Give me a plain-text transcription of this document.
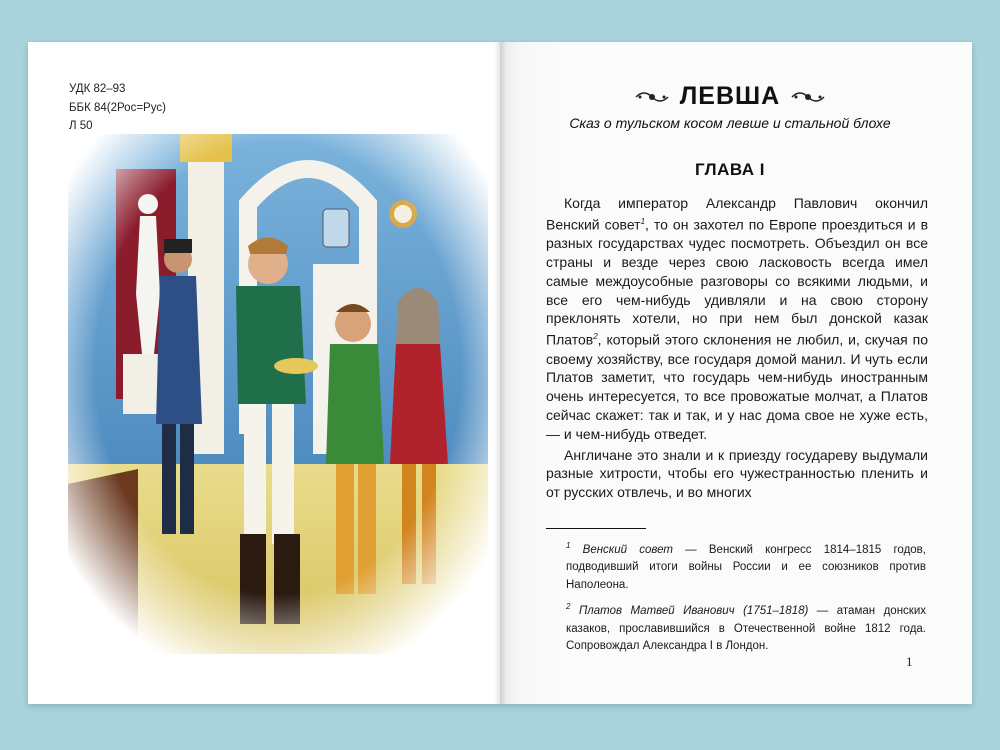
УДК 82–93
ББК 84(2Рос=Рус)
Л 50
ЛЕВША
Сказ о тульском косом левше и стальной блохе
ГЛАВА I

Когда император Александр Павлович окончил Венский совет$^1$, то он захотел по Европе проездиться и в разных государствах чудес посмотреть. Объездил он все страны и везде через свою ласковость всегда имел самые междоусобные разговоры со всякими людьми, и все его чем-нибудь удивляли и на свою сторону преклонять хотели, но при нем был донской казак Платов$^2$, который этого склонения не любил, и, скучая по своему хозяйству, все государя домой манил. И чуть если Платов заметит, что государь чем-нибудь иностранным очень интересуется, то все провожатые молчат, а Платов сейчас скажет: так и так, и у нас дома свое не хуже есть, — и чем-нибудь отведет.

Англичане это знали и к приезду государеву выдумали разные хитрости, чтобы его чужестранностью пленить и от русских отвлечь, и во многих

$^1$ Венский совет — Венский конгресс 1814–1815 годов, подводивший итоги войны России и ее союзников против Наполеона.

$^2$ Платов Матвей Иванович (1751–1818) — атаман донских казаков, прославившийся в Отечественной войне 1812 года. Сопровождал Александра I в Лондон.

1
